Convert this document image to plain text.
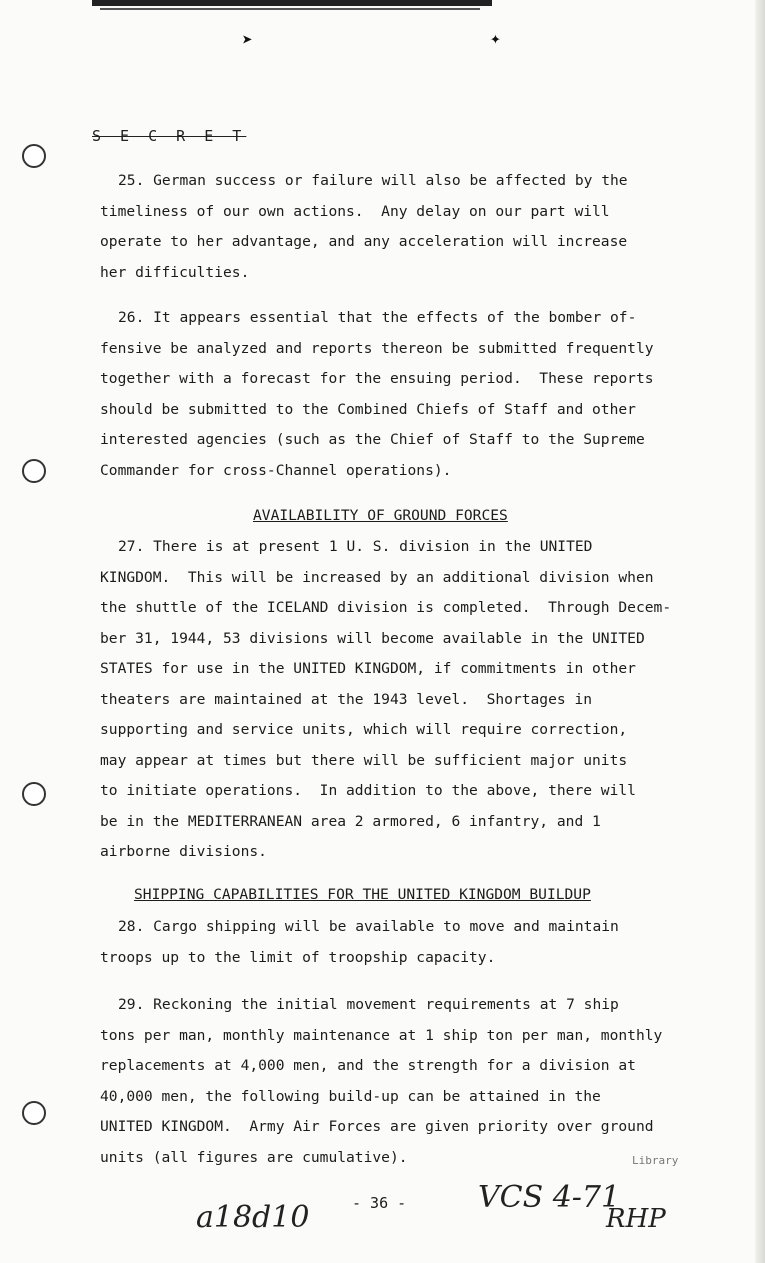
➤	✦
S E C R E T
25. German success or failure will also be affected by the
timeliness of our own actions.  Any delay on our part will
operate to her advantage, and any acceleration will increase
her difficulties.
26. It appears essential that the effects of the bomber of-
fensive be analyzed and reports thereon be submitted frequently
together with a forecast for the ensuing period.  These reports
should be submitted to the Combined Chiefs of Staff and other
interested agencies (such as the Chief of Staff to the Supreme
Commander for cross-Channel operations).
AVAILABILITY OF GROUND FORCES
27. There is at present 1 U. S. division in the UNITED
KINGDOM.  This will be increased by an additional division when
the shuttle of the ICELAND division is completed.  Through Decem-
ber 31, 1944, 53 divisions will become available in the UNITED
STATES for use in the UNITED KINGDOM, if commitments in other
theaters are maintained at the 1943 level.  Shortages in
supporting and service units, which will require correction,
may appear at times but there will be sufficient major units
to initiate operations.  In addition to the above, there will
be in the MEDITERRANEAN area 2 armored, 6 infantry, and 1
airborne divisions.
SHIPPING CAPABILITIES FOR THE UNITED KINGDOM BUILDUP
28. Cargo shipping will be available to move and maintain
troops up to the limit of troopship capacity.
29. Reckoning the initial movement requirements at 7 ship
tons per man, monthly maintenance at 1 ship ton per man, monthly
replacements at 4,000 men, and the strength for a division at
40,000 men, the following build-up can be attained in the
UNITED KINGDOM.  Army Air Forces are given priority over ground
units (all figures are cumulative).	Library
- 36 -
a18d10
VCS 4-71
RHP
